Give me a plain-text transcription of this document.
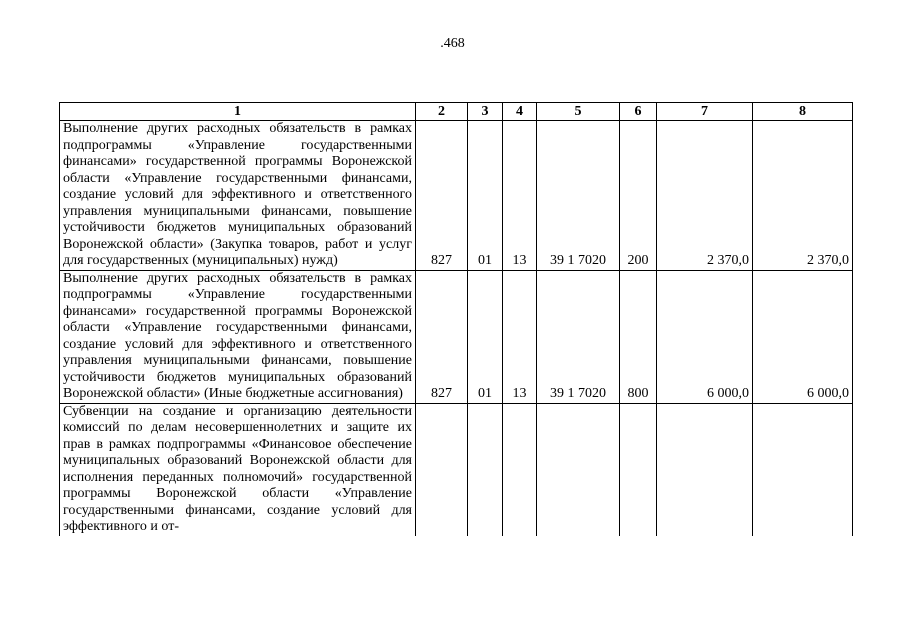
.468
1	2	3	4	5	6	7	8
Выполнение других расходных обязательств в рамках подпрограммы «Управление государственными финансами» государственной программы Воронежской области «Управление государственными финансами, создание условий для эффективного и ответственного управления муниципальными финансами, повышение устойчивости бюджетов муниципальных образований Воронежской области» (Закупка товаров, работ и услуг для государственных (муниципальных) нужд)	827	01	13	39 1 7020	200	2 370,0	2 370,0
Выполнение других расходных обязательств в рамках подпрограммы «Управление государственными финансами» государственной программы Воронежской области «Управление государственными финансами, создание условий для эффективного и ответственного управления муниципальными финансами, повышение устойчивости бюджетов муниципальных образований Воронежской области» (Иные бюджетные ассигнования)	827	01	13	39 1 7020	800	6 000,0	6 000,0
Субвенции на создание и организацию деятельности комиссий по делам несовершеннолетних и защите их прав в рамках подпрограммы «Финансовое обеспечение муниципальных образований Воронежской области для исполнения переданных полномочий» государственной программы Воронежской области «Управление государственными финансами, создание условий для эффективного и от-							
